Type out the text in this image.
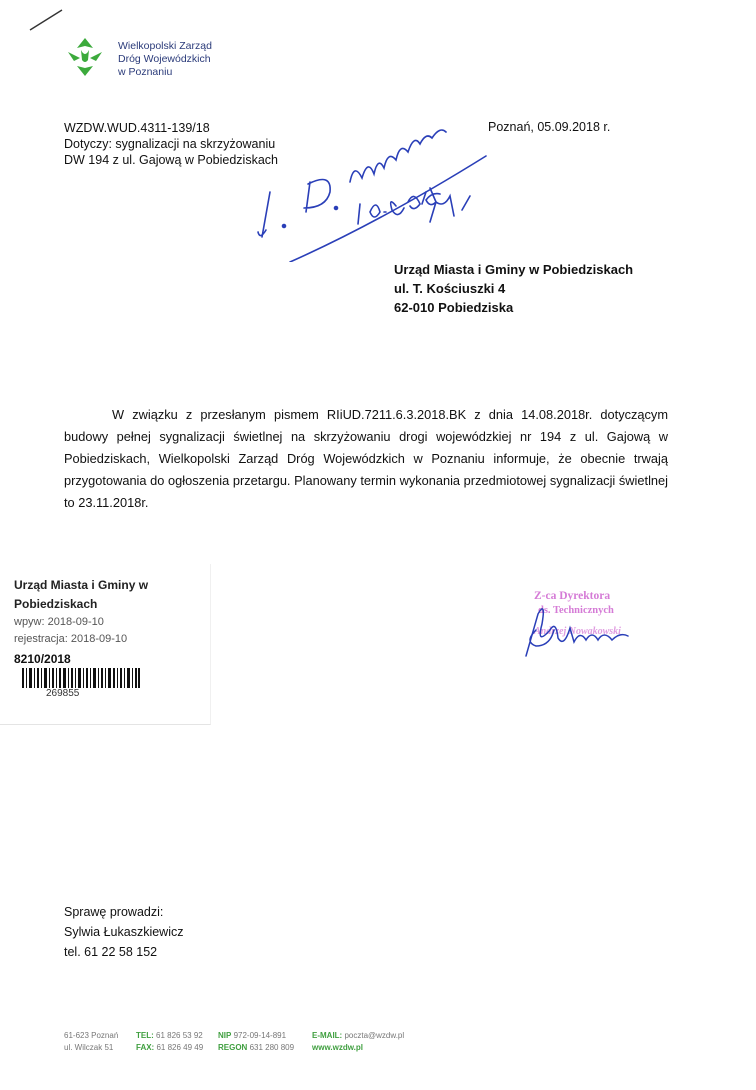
Wielkopolski Zarząd
Dróg Wojewódzkich
w Poznaniu
WZDW.WUD.4311-139/18
Dotyczy: sygnalizacji na skrzyżowaniu
DW 194 z ul. Gajową w Pobiedziskach
Poznań, 05.09.2018 r.
Urząd Miasta i Gminy w Pobiedziskach
ul. T. Kościuszki 4
62-010 Pobiedziska
W związku z przesłanym pismem RIiUD.7211.6.3.2018.BK z dnia 14.08.2018r. dotyczącym budowy pełnej sygnalizacji świetlnej na skrzyżowaniu drogi wojewódzkiej nr 194 z ul. Gajową w Pobiedziskach, Wielkopolski Zarząd Dróg Wojewódzkich w Poznaniu informuje, że obecnie trwają przygotowania do ogłoszenia przetargu. Planowany termin wykonania przedmiotowej sygnalizacji świetlnej to 23.11.2018r.
Urząd Miasta i Gminy w
Pobiedziskach
wpyw: 2018-09-10
rejestracja: 2018-09-10
8210/2018
269855
Z-ca Dyrektora
ds. Technicznych
Andrzej Nowakowski
Sprawę prowadzi:
Sylwia Łukaszkiewicz
tel. 61 22 58 152
61-623 Poznań
ul. Wilczak 51
TEL: 61 826 53 92
FAX: 61 826 49 49
NIP 972-09-14-891
REGON 631 280 809
E-MAIL: poczta@wzdw.pl
www.wzdw.pl
